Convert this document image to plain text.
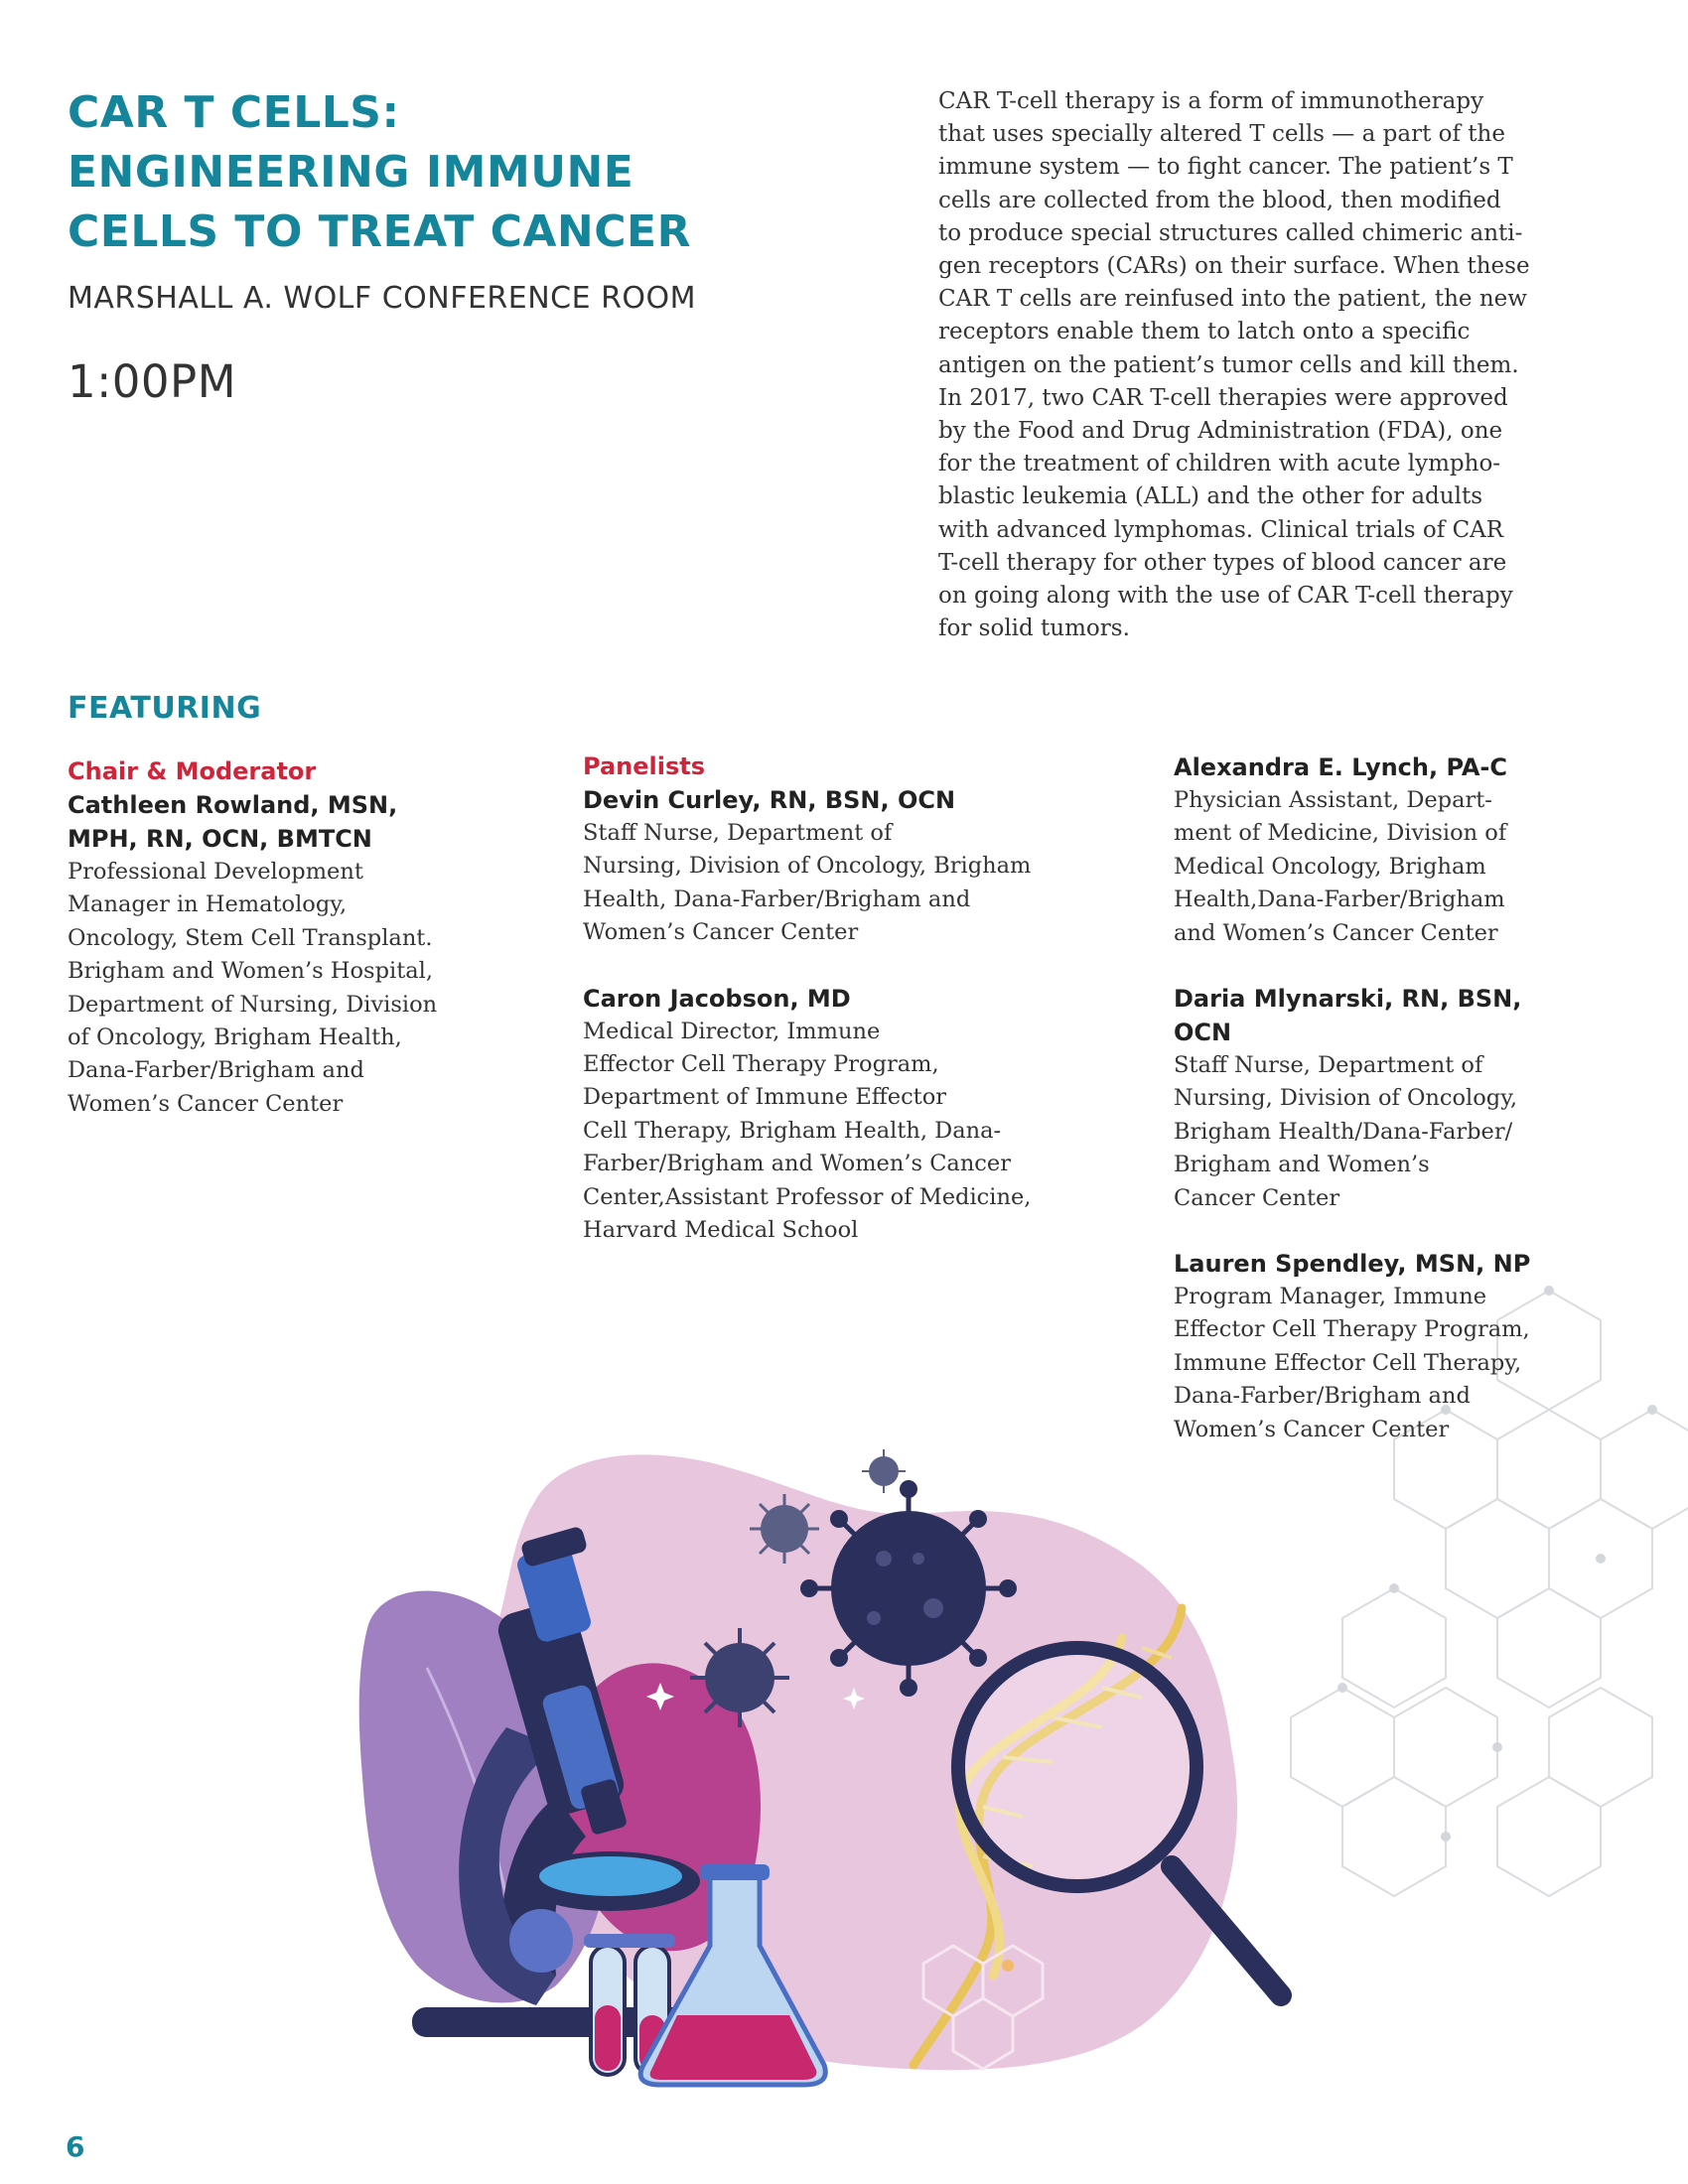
CAR T CELLS:
ENGINEERING IMMUNE
CELLS TO TREAT CANCER
MARSHALL A. WOLF CONFERENCE ROOM
1:00PM

CAR T-cell therapy is a form of immunotherapy
that uses specially altered T cells — a part of the
immune system — to fight cancer. The patient’s T
cells are collected from the blood, then modified
to produce special structures called chimeric anti-
gen receptors (CARs) on their surface. When these
CAR T cells are reinfused into the patient, the new
receptors enable them to latch onto a specific
antigen on the patient’s tumor cells and kill them.
In 2017, two CAR T-cell therapies were approved
by the Food and Drug Administration (FDA), one
for the treatment of children with acute lympho-
blastic leukemia (ALL) and the other for adults
with advanced lymphomas. Clinical trials of CAR
T-cell therapy for other types of blood cancer are
on going along with the use of CAR T-cell therapy
for solid tumors.

FEATURING
Chair & Moderator
Cathleen Rowland, MSN,
MPH, RN, OCN, BMTCN
Professional Development
Manager in Hematology,
Oncology, Stem Cell Transplant.
Brigham and Women’s Hospital,
Department of Nursing, Division
of Oncology, Brigham Health,
Dana-Farber/Brigham and
Women’s Cancer Center
Panelists
Devin Curley, RN, BSN, OCN
Staff Nurse, Department of
Nursing, Division of Oncology, Brigham
Health, Dana-Farber/Brigham and
Women’s Cancer Center
Caron Jacobson, MD
Medical Director, Immune
Effector Cell Therapy Program,
Department of Immune Effector
Cell Therapy, Brigham Health, Dana-
Farber/Brigham and Women’s Cancer
Center,Assistant Professor of Medicine,
Harvard Medical School
Alexandra E. Lynch, PA-C
Physician Assistant, Depart-
ment of Medicine, Division of
Medical Oncology, Brigham
Health,Dana-Farber/Brigham
and Women’s Cancer Center
Daria Mlynarski, RN, BSN,
OCN
Staff Nurse, Department of
Nursing, Division of Oncology,
Brigham Health/Dana-Farber/
Brigham and Women’s
Cancer Center
Lauren Spendley, MSN, NP
Program Manager, Immune
Effector Cell Therapy Program,
Immune Effector Cell Therapy,
Dana-Farber/Brigham and
Women’s Cancer Center
6
